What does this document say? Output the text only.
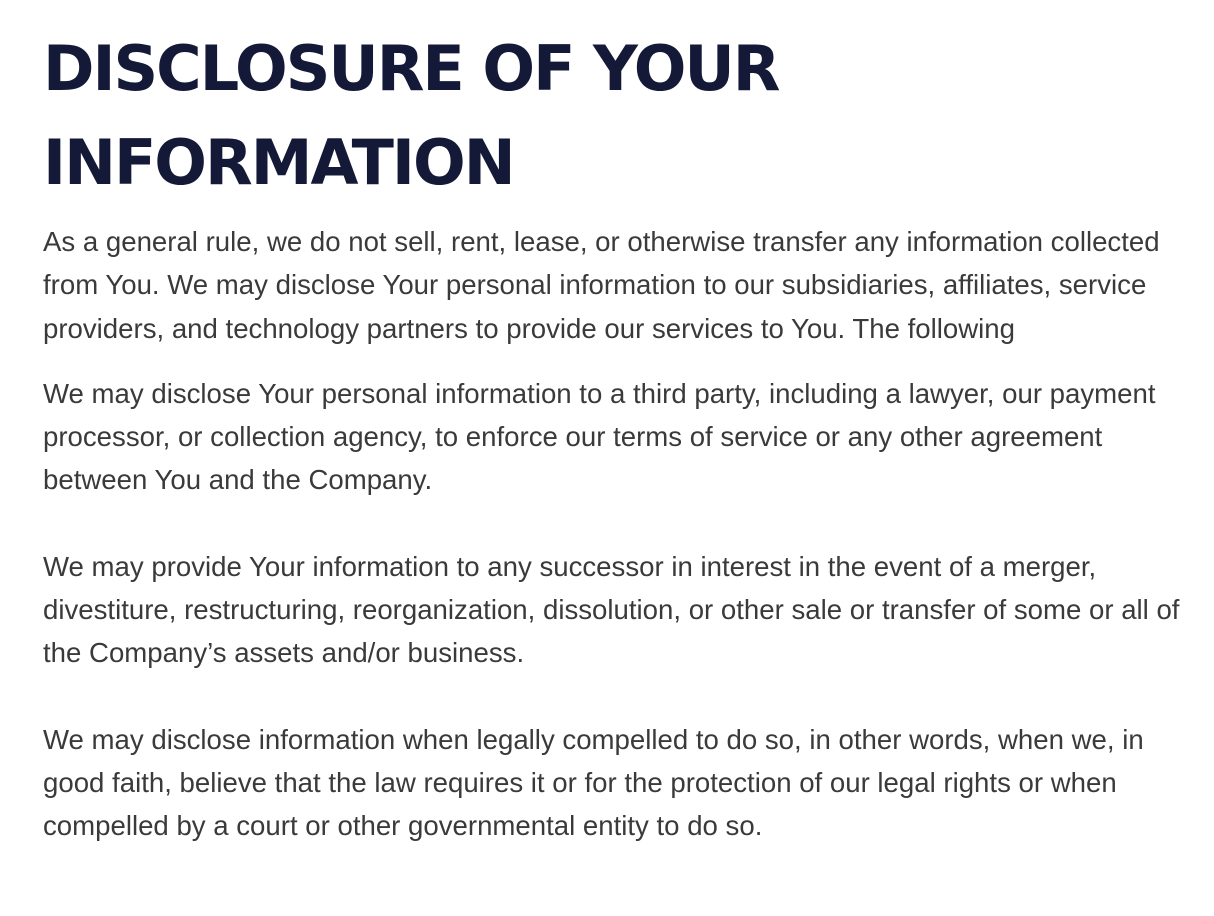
DISCLOSURE OF YOUR
INFORMATION

As a general rule, we do not sell, rent, lease, or otherwise transfer any information collected from You. We may disclose Your personal information to our subsidiaries, affiliates, service providers, and technology partners to provide our services to You. The following

We may disclose Your personal information to a third party, including a lawyer, our payment processor, or collection agency, to enforce our terms of service or any other agreement between You and the Company.

We may provide Your information to any successor in interest in the event of a merger, divestiture, restructuring, reorganization, dissolution, or other sale or transfer of some or all of the Company’s assets and/or business.

We may disclose information when legally compelled to do so, in other words, when we, in good faith, believe that the law requires it or for the protection of our legal rights or when compelled by a court or other governmental entity to do so.
